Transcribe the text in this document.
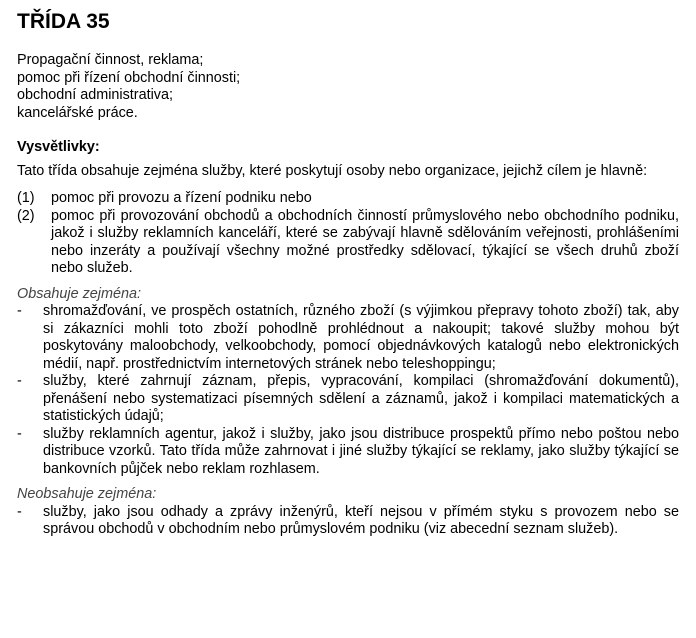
TŘÍDA 35
Propagační činnost, reklama;
pomoc při řízení obchodní činnosti;
obchodní administrativa;
kancelářské práce.
Vysvětlivky:
Tato třída obsahuje zejména služby, které poskytují osoby nebo organizace, jejichž cílem je hlavně:
(1)	pomoc při provozu a řízení podniku nebo
(2)	pomoc při provozování obchodů a obchodních činností průmyslového nebo obchodního podniku, jakož i služby reklamních kanceláří, které se zabývají hlavně sdělováním veřejnosti, prohlášeními nebo inzeráty a používají všechny možné prostředky sdělovací, týkající se všech druhů zboží nebo služeb.
Obsahuje zejména:
-	shromažďování, ve prospěch ostatních, různého zboží (s výjimkou přepravy tohoto zboží) tak, aby si zákazníci mohli toto zboží pohodlně prohlédnout a nakoupit; takové služby mohou být poskytovány maloobchody, velkoobchody, pomocí objednávkových katalogů nebo elektronických médií, např. prostřednictvím internetových stránek nebo teleshoppingu;
-	služby, které zahrnují záznam, přepis, vypracování, kompilaci (shromažďování dokumentů), přenášení nebo systematizaci písemných sdělení a záznamů, jakož i kompilaci matematických a statistických údajů;
-	služby reklamních agentur, jakož i služby, jako jsou distribuce prospektů přímo nebo poštou nebo distribuce vzorků. Tato třída může zahrnovat i jiné služby týkající se reklamy, jako služby týkající se bankovních půjček nebo reklam rozhlasem.
Neobsahuje zejména:
-	služby, jako jsou odhady a zprávy inženýrů, kteří nejsou v přímém styku s provozem nebo se správou obchodů v obchodním nebo průmyslovém podniku (viz abecední seznam služeb).
